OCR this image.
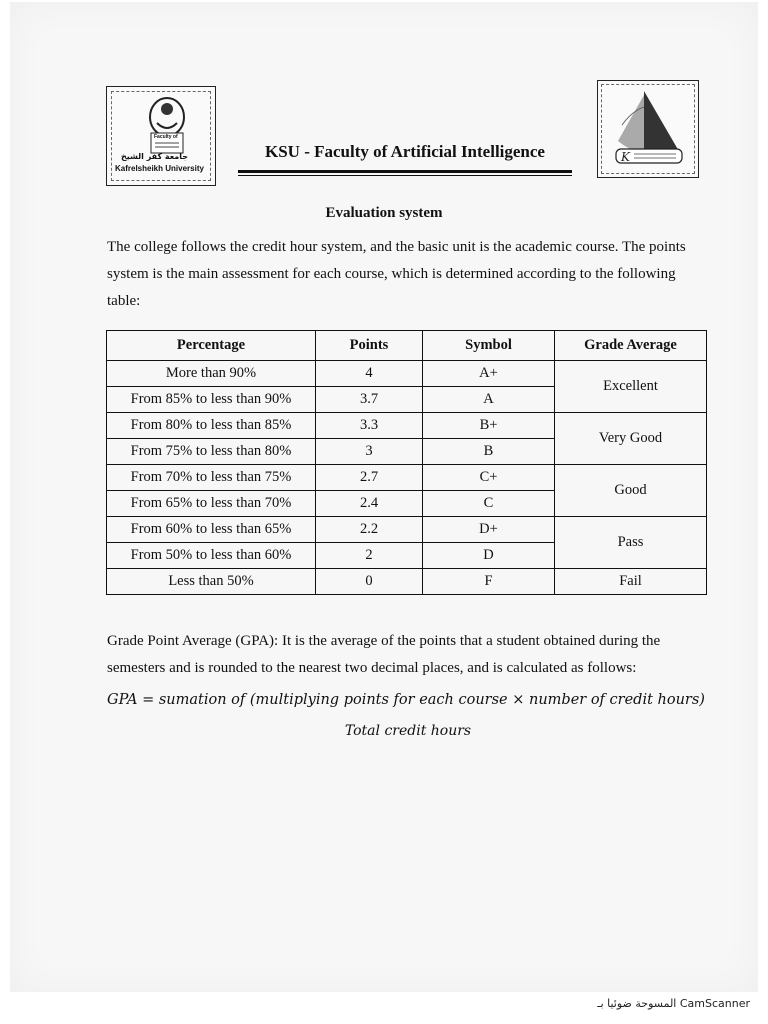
Faculty of
جامعة كفر الشيخ
Kafrelsheikh University
K
KSU - Faculty of Artificial Intelligence
Evaluation system
The college follows the credit hour system, and the basic unit is the academic course. The points system is the main assessment for each course, which is determined according to the following table:
Percentage	Points	Symbol	Grade Average
More than 90%	4	A+	Excellent
From 85% to less than 90%	3.7	A	
From 80% to less than 85%	3.3	B+	Very Good
From 75% to less than 80%	3	B	
From 70% to less than 75%	2.7	C+	Good
From 65% to less than 70%	2.4	C	
From 60% to less than 65%	2.2	D+	Pass
From 50% to less than 60%	2	D	
Less than 50%	0	F	Fail
Grade Point Average (GPA): It is the average of the points that a student obtained during the semesters and is rounded to the nearest two decimal places, and is calculated as follows:
GPA = sumation of (multiplying points for each course × number of credit hours)
Total credit hours
المسوحة ضوئيا بـ CamScanner
